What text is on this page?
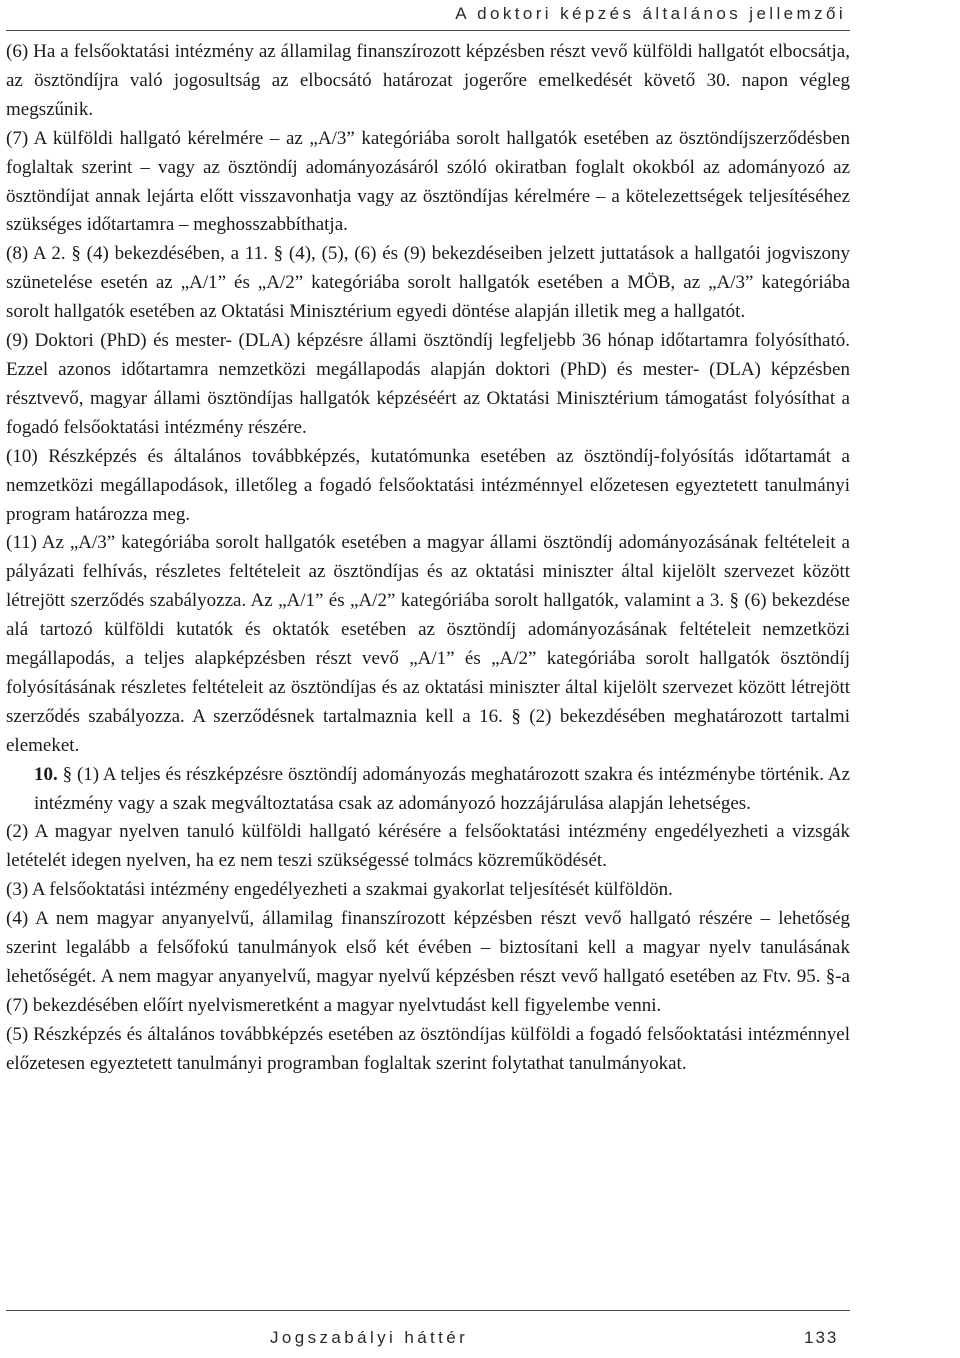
A doktori képzés általános jellemzői

(6) Ha a felsőoktatási intézmény az államilag finanszírozott képzésben részt vevő külföldi hallgatót elbocsátja, az ösztöndíjra való jogosultság az elbocsátó határozat jogerőre emelkedését követő 30. napon végleg megszűnik.

(7) A külföldi hallgató kérelmére – az „A/3” kategóriába sorolt hallgatók esetében az ösztöndíjszerződésben foglaltak szerint – vagy az ösztöndíj adományozásáról szóló okiratban foglalt okokból az adományozó az ösztöndíjat annak lejárta előtt visszavonhatja vagy az ösztöndíjas kérelmére – a kötelezettségek teljesítéséhez szükséges időtartamra – meghosszabbíthatja.

(8) A 2. § (4) bekezdésében, a 11. § (4), (5), (6) és (9) bekezdéseiben jelzett juttatások a hallgatói jogviszony szünetelése esetén az „A/1” és „A/2” kategóriába sorolt hallgatók esetében a MÖB, az „A/3” kategóriába sorolt hallgatók esetében az Oktatási Minisztérium egyedi döntése alapján illetik meg a hallgatót.

(9) Doktori (PhD) és mester- (DLA) képzésre állami ösztöndíj legfeljebb 36 hónap időtartamra folyósítható. Ezzel azonos időtartamra nemzetközi megállapodás alapján doktori (PhD) és mester- (DLA) képzésben résztvevő, magyar állami ösztöndíjas hallgatók képzéséért az Oktatási Minisztérium támogatást folyósíthat a fogadó felsőoktatási intézmény részére.

(10) Részképzés és általános továbbképzés, kutatómunka esetében az ösztöndíj-folyósítás időtartamát a nemzetközi megállapodások, illetőleg a fogadó felsőoktatási intézménnyel előzetesen egyeztetett tanulmányi program határozza meg.

(11) Az „A/3” kategóriába sorolt hallgatók esetében a magyar állami ösztöndíj adományozásának feltételeit a pályázati felhívás, részletes feltételeit az ösztöndíjas és az oktatási miniszter által kijelölt szervezet között létrejött szerződés szabályozza. Az „A/1” és „A/2” kategóriába sorolt hallgatók, valamint a 3. § (6) bekezdése alá tartozó külföldi kutatók és oktatók esetében az ösztöndíj adományozásának feltételeit nemzetközi megállapodás, a teljes alapképzésben részt vevő „A/1” és „A/2” kategóriába sorolt hallgatók ösztöndíj folyósításának részletes feltételeit az ösztöndíjas és az oktatási miniszter által kijelölt szervezet között létrejött szerződés szabályozza. A szerződésnek tartalmaznia kell a 16. § (2) bekezdésében meghatározott tartalmi elemeket.

10. § (1) A teljes és részképzésre ösztöndíj adományozás meghatározott szakra és intézménybe történik. Az intézmény vagy a szak megváltoztatása csak az adományozó hozzájárulása alapján lehetséges.

(2) A magyar nyelven tanuló külföldi hallgató kérésére a felsőoktatási intézmény engedélyezheti a vizsgák letételét idegen nyelven, ha ez nem teszi szükségessé tolmács közreműködését.

(3) A felsőoktatási intézmény engedélyezheti a szakmai gyakorlat teljesítését külföldön.

(4) A nem magyar anyanyelvű, államilag finanszírozott képzésben részt vevő hallgató részére – lehetőség szerint legalább a felsőfokú tanulmányok első két évében – biztosítani kell a magyar nyelv tanulásának lehetőségét. A nem magyar anyanyelvű, magyar nyelvű képzésben részt vevő hallgató esetében az Ftv. 95. §-a (7) bekezdésében előírt nyelvismeretként a magyar nyelvtudást kell figyelembe venni.

(5) Részképzés és általános továbbképzés esetében az ösztöndíjas külföldi a fogadó felsőoktatási intézménnyel előzetesen egyeztetett tanulmányi programban foglaltak szerint folytathat tanulmányokat.

Jogszabályi háttér	133
